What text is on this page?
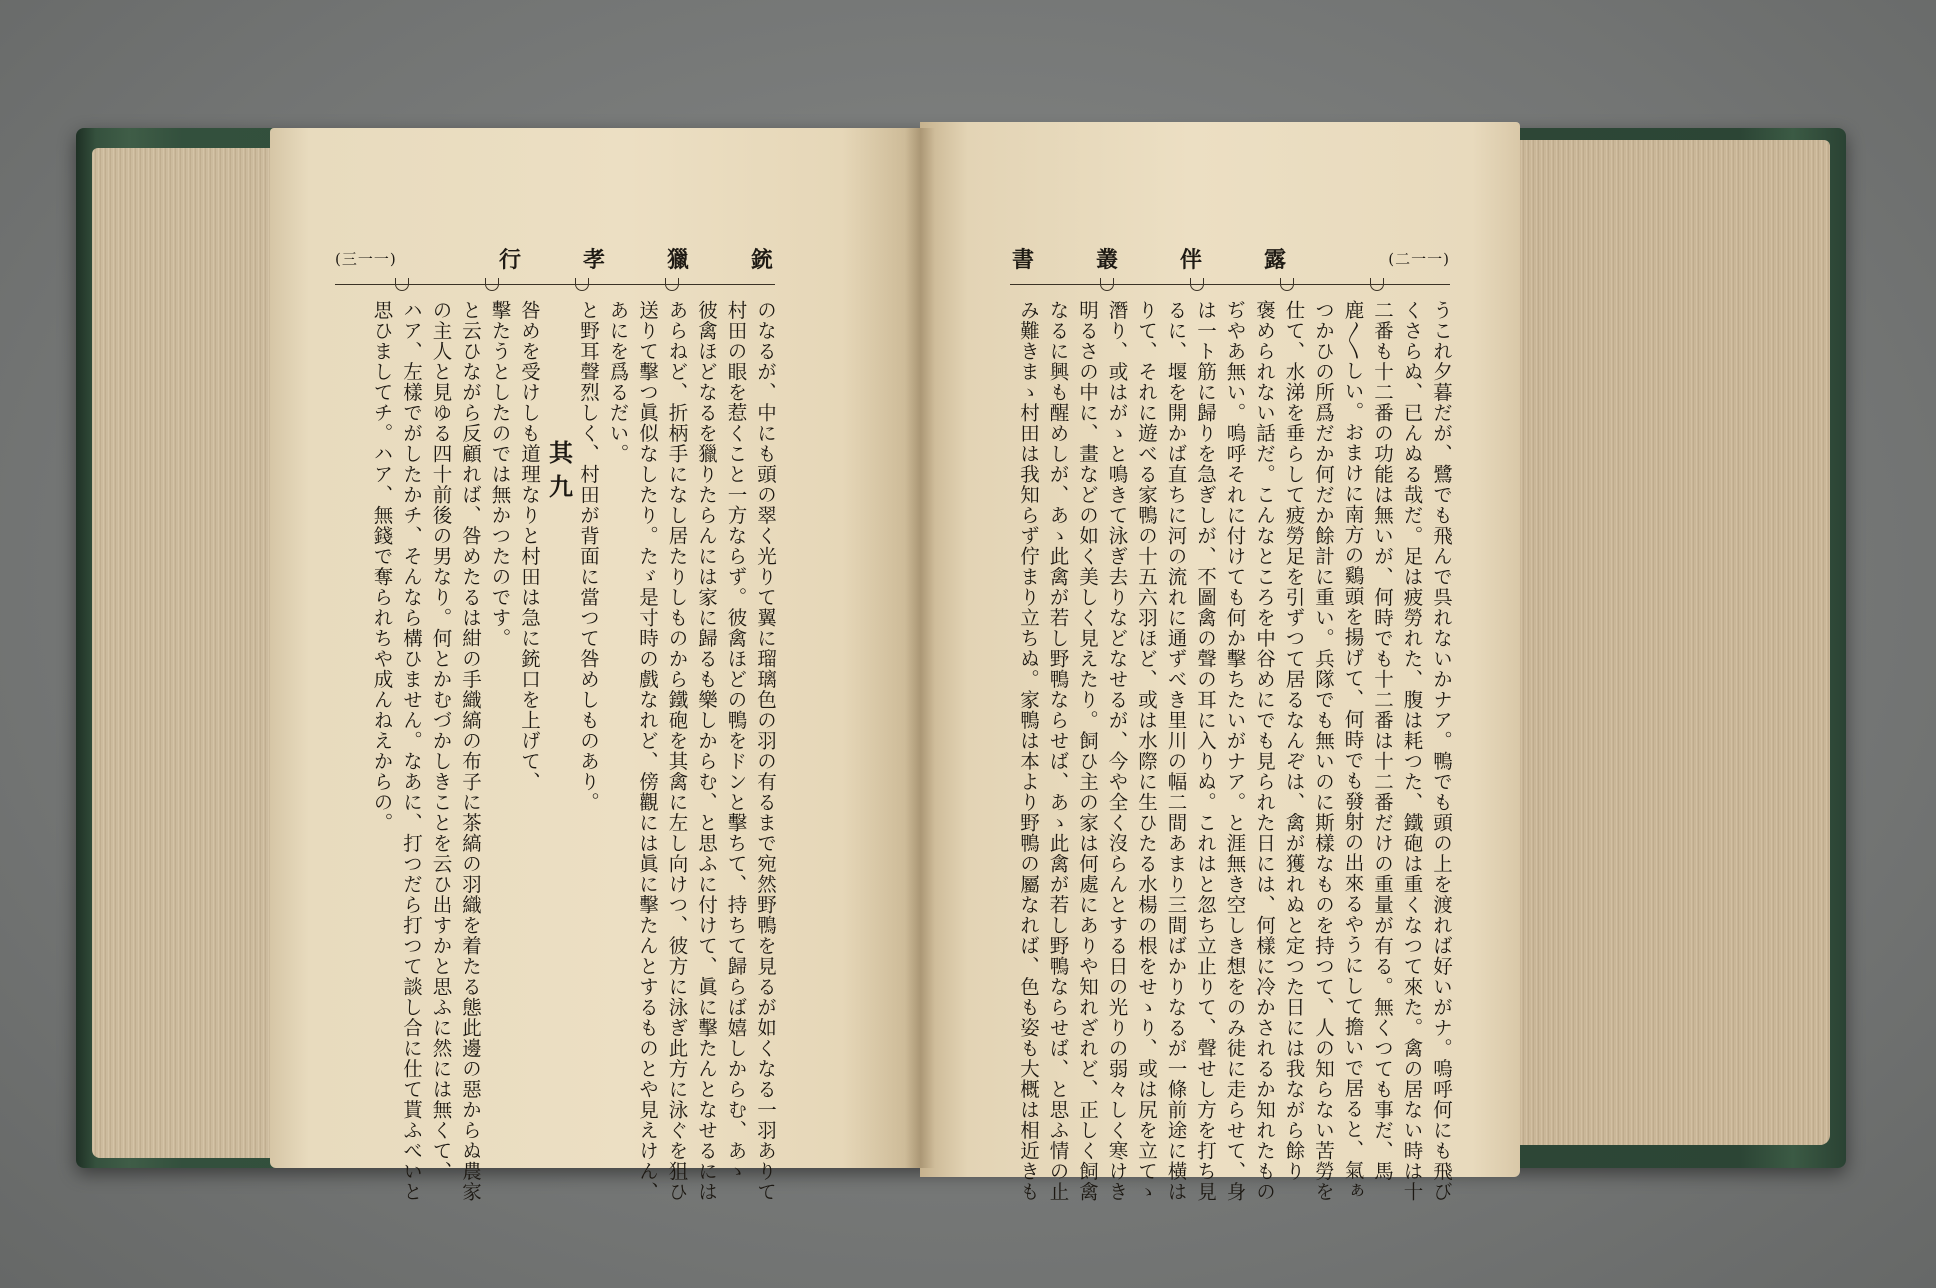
(三一一)	行	孝	獵	銃	書	叢	伴	露	(二一一)

のなるが、中にも頭の翠く光りて翼に瑠璃色の羽の有るまで宛然野鴨を見るが如くなる一羽ありて

村田の眼を惹くこと一方ならず。彼禽ほどの鴨をドンと擊ちて、持ちて歸らば嬉しからむ、あゝ

彼禽ほどなるを獵りたらんには家に歸るも樂しからむ、と思ふに付けて、眞に擊たんとなせるには

あらねど、折柄手になし居たりしものから鐵砲を其禽に左し向けつ、彼方に泳ぎ此方に泳ぐを狙ひ

送りて擊つ眞似なしたり。たゞ是寸時の戲なれど、傍觀には眞に擊たんとするものとや見えけん、

あにを爲るだい。

と野耳聲烈しく、村田が背面に當つて咎めしものあり。

其九

咎めを受けしも道理なりと村田は急に銃口を上げて、

擊たうとしたのでは無かつたのです。

と云ひながら反顧れば、咎めたるは紺の手織縞の布子に茶縞の羽織を着たる態此邊の惡からぬ農家

の主人と見ゆる四十前後の男なり。何とかむづかしきことを云ひ出すかと思ふに然には無くて、

ハア、左樣でがしたかチ、そんなら構ひません。なあに、打つだら打つて談し合に仕て貰ふべいと

思ひましてチ。ハア、無錢で奪られちや成んねえからの。	うこれ夕暮だが、鷺でも飛んで呉れないかナア。鴨でも頭の上を渡れば好いがナ。嗚呼何にも飛び

くさらぬ、已んぬる哉だ。足は疲勞れた、腹は耗つた、鐵砲は重くなつて來た。禽の居ない時は十

二番も十二番の功能は無いが、何時でも十二番は十二番だけの重量が有る。無くつても事だ、馬

鹿〳〵しい。おまけに南方の鷄頭を揚げて、何時でも發射の出來るやうにして擔いで居ると、氣ぁ

つかひの所爲だか何だか餘計に重い。兵隊でも無いのに斯樣なものを持つて、人の知らない苦勞を

仕て、水涕を垂らして疲勞足を引ずつて居るなんぞは、禽が獲れぬと定つた日には我ながら餘り

褒められない話だ。こんなところを中谷めにでも見られた日には、何樣に冷かされるか知れたもの

ぢやあ無い。嗚呼それに付けても何か擊ちたいがナア。と涯無き空しき想をのみ徒に走らせて、身

は一ト筋に歸りを急ぎしが、不圖禽の聲の耳に入りぬ。これはと忽ち立止りて、聲せし方を打ち見

るに、堰を開かば直ちに河の流れに通ずべき里川の幅二間あまり三間ばかりなるが一條前途に橫は

りて、それに遊べる家鴨の十五六羽ほど、或は水際に生ひたる水楊の根をせゝり、或は尻を立てゝ

潛り、或はがゝと鳴きて泳ぎ去りなどなせるが、今や全く沒らんとする日の光りの弱々しく寒けき

明るさの中に、畫などの如く美しく見えたり。飼ひ主の家は何處にありや知れざれど、正しく飼禽

なるに興も醒めしが、あゝ此禽が若し野鴨ならせば、あゝ此禽が若し野鴨ならせば、と思ふ情の止

み難きまゝ村田は我知らず佇まり立ちぬ。家鴨は本より野鴨の屬なれば、色も姿も大概は相近きも
